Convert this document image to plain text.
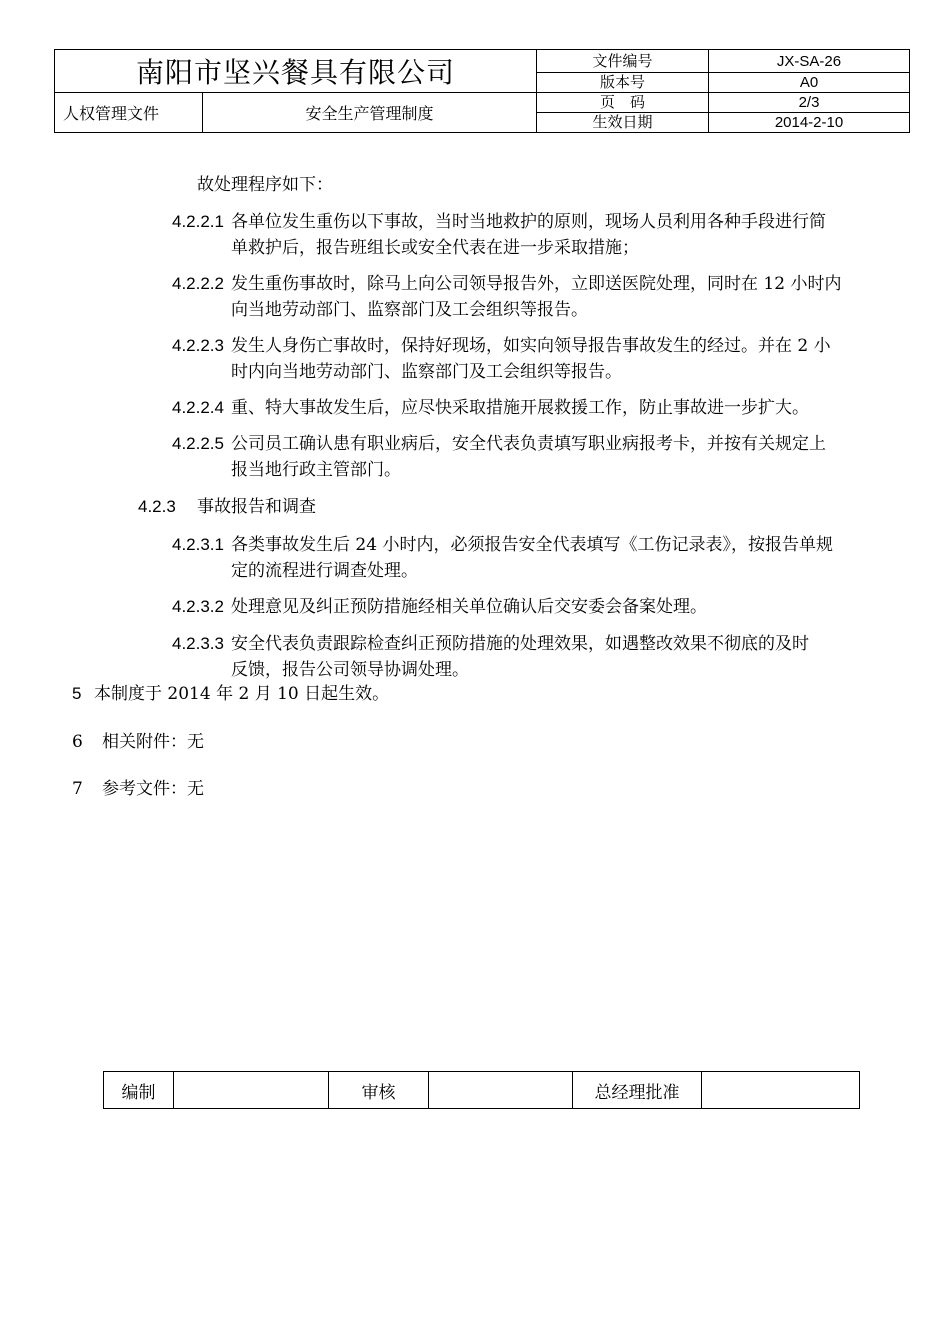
南阳市坚兴餐具有限公司		文件编号	JX-SA-26
		版本号	A0
人权管理文件	安全生产管理制度	页　码	2/3
		生效日期	2014-2-10
故处理程序如下：
4.2.2.1 各单位发生重伤以下事故，当时当地救护的原则，现场人员利用各种手段进行简
单救护后，报告班组长或安全代表在进一步采取措施；
4.2.2.2 发生重伤事故时，除马上向公司领导报告外，立即送医院处理，同时在 12 小时内
向当地劳动部门、监察部门及工会组织等报告。
4.2.2.3 发生人身伤亡事故时，保持好现场，如实向领导报告事故发生的经过。并在 2 小
时内向当地劳动部门、监察部门及工会组织等报告。
4.2.2.4 重、特大事故发生后，应尽快采取措施开展救援工作，防止事故进一步扩大。
4.2.2.5 公司员工确认患有职业病后，安全代表负责填写职业病报考卡，并按有关规定上
报当地行政主管部门。
4.2.3 事故报告和调查
4.2.3.1 各类事故发生后 24 小时内，必须报告安全代表填写《工伤记录表》，按报告单规
定的流程进行调查处理。
4.2.3.2 处理意见及纠正预防措施经相关单位确认后交安委会备案处理。
4.2.3.3 安全代表负责跟踪检查纠正预防措施的处理效果，如遇整改效果不彻底的及时
反馈，报告公司领导协调处理。
5 本制度于 2014 年 2 月 10 日起生效。
6 相关附件：无
7 参考文件：无
编制		审核		总经理批准	
